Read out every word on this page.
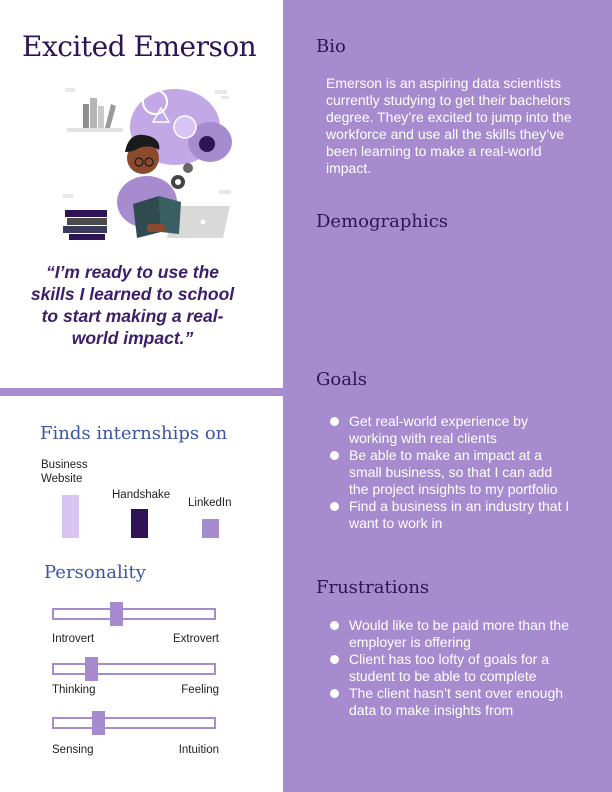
Excited Emerson
“I’m ready to use the skills I learned to school to start making a real-world impact.”
Bio
Emerson is an aspiring data scientists currently studying to get their bachelors degree. They’re excited to jump into the workforce and use all the skills they’ve been learning to make a real-world impact.
Demographics
Goals
Get real-world experience by working with real clients
Be able to make an impact at a small business, so that I can add the project insights to my portfolio
Find a business in an industry that I want to work in
Frustrations
Would like to be paid more than the employer is offering
Client has too lofty of goals for a student to be able to complete
The client hasn’t sent over enough data to make insights from
Finds internships on
Business Website
Handshake
LinkedIn
Personality
Introvert	Extrovert
Thinking	Feeling
Sensing	Intuition
